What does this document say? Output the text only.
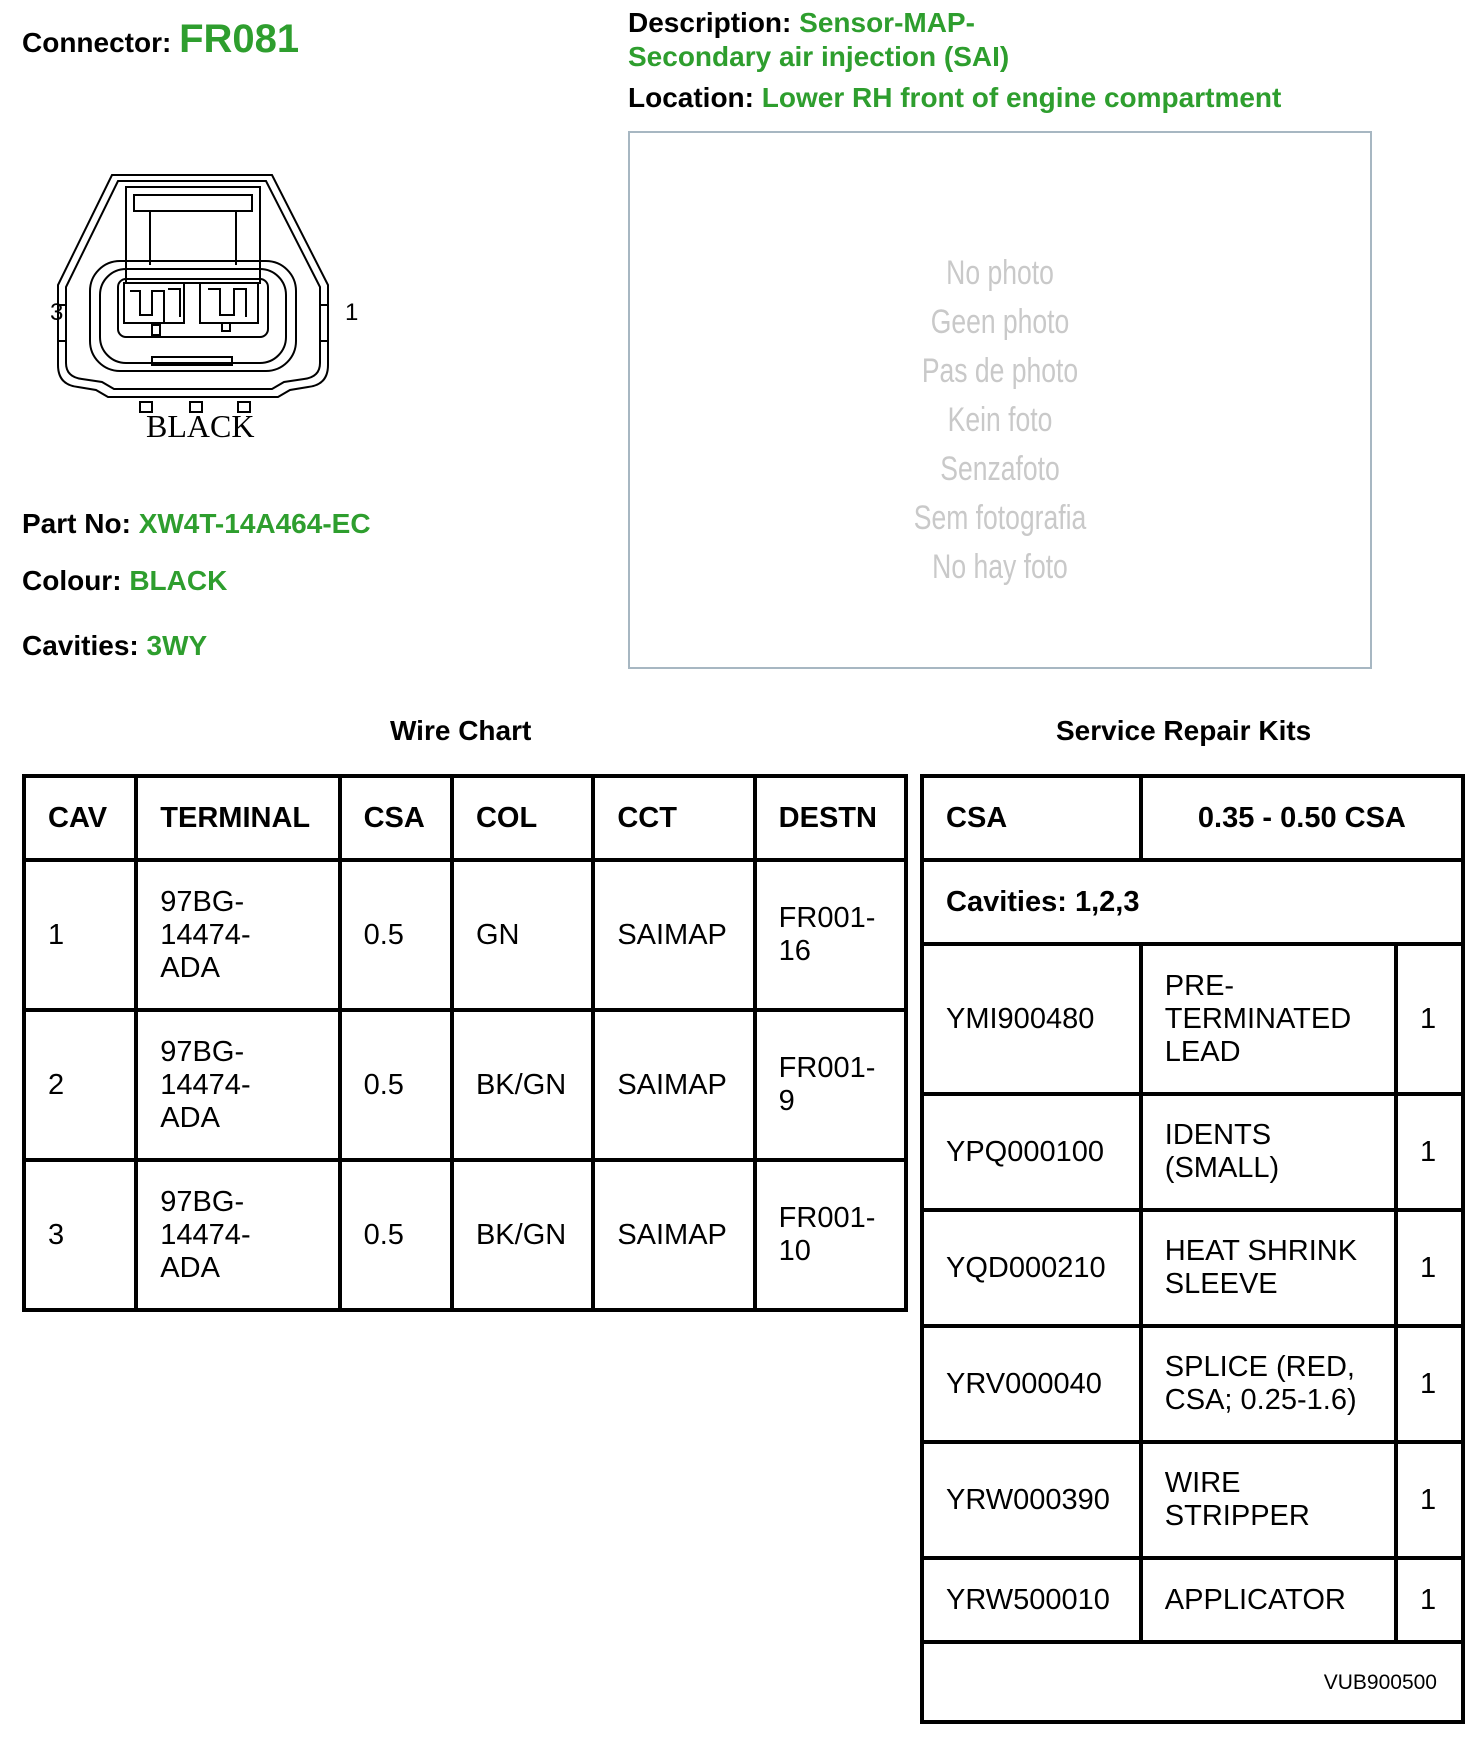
Connector: FR081	Description: Sensor-MAP-
Secondary air injection (SAI)
Location: Lower RH front of engine compartment
3	1
BLACK
No photo
Geen photo
Pas de photo
Kein foto
Senzafoto
Sem fotografia
No hay foto
Part No: XW4T-14A464-EC
Colour: BLACK
Cavities: 3WY
Wire Chart	Service Repair Kits
CAV	TERMINAL	CSA	COL	CCT	DESTN
1	97BG-
14474-
ADA	0.5	GN	SAIMAP	FR001-
16
2	97BG-
14474-
ADA	0.5	BK/GN	SAIMAP	FR001-
9
3	97BG-
14474-
ADA	0.5	BK/GN	SAIMAP	FR001-
10
CSA	0.35 - 0.50 CSA	
Cavities: 1,2,3		
YMI900480	PRE-
TERMINATED
LEAD	1
YPQ000100	IDENTS
(SMALL)	1
YQD000210	HEAT SHRINK
SLEEVE	1
YRV000040	SPLICE (RED,
CSA; 0.25-1.6)	1
YRW000390	WIRE
STRIPPER	1
YRW500010	APPLICATOR	1
VUB900500		
